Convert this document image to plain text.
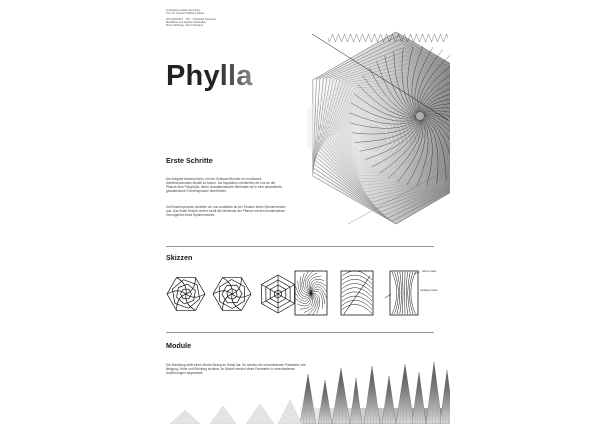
Architekturmodelle Geometrie
Prof. Dr. Friedrich Wilhelm Boeck
WS 2016/2017 · TFK · Urbanistik Semester
Modellbau und Digitale Fabrikation
Bruno Wolfinger, Wout Pieckens
Phylla
Erste Schritte

Die Aufgabe bestand darin, mit der Software Blender ein modulares, dreidimensionales Modell zu bauen. Als Inspiration orientierten wir uns an der Pflanze Aloe Polyphylla, deren charakteristische Merkmale wir in eine abstrahierte, gestalterische Formensprache überführten.

Im Entwurfsprozess richteten wir uns zusätzlich an der Struktur eines Spinnennetzes aus. Das finale Modell vereint somit die Merkmale der Pflanze mit dem konstruktiven Grundgerüst eines Spinnennetzes.

Skizzen
höhere Kante
niedrigere Kante
Module

Die Abbildung stellt einen Modul-Strang im Detail dar. So werden die verschiedenen Parameter wie Neigung, Höhe und Richtung sichtbar. Im Modell werden diese Parameter in verschiedenen Ausführungen angewandt.
